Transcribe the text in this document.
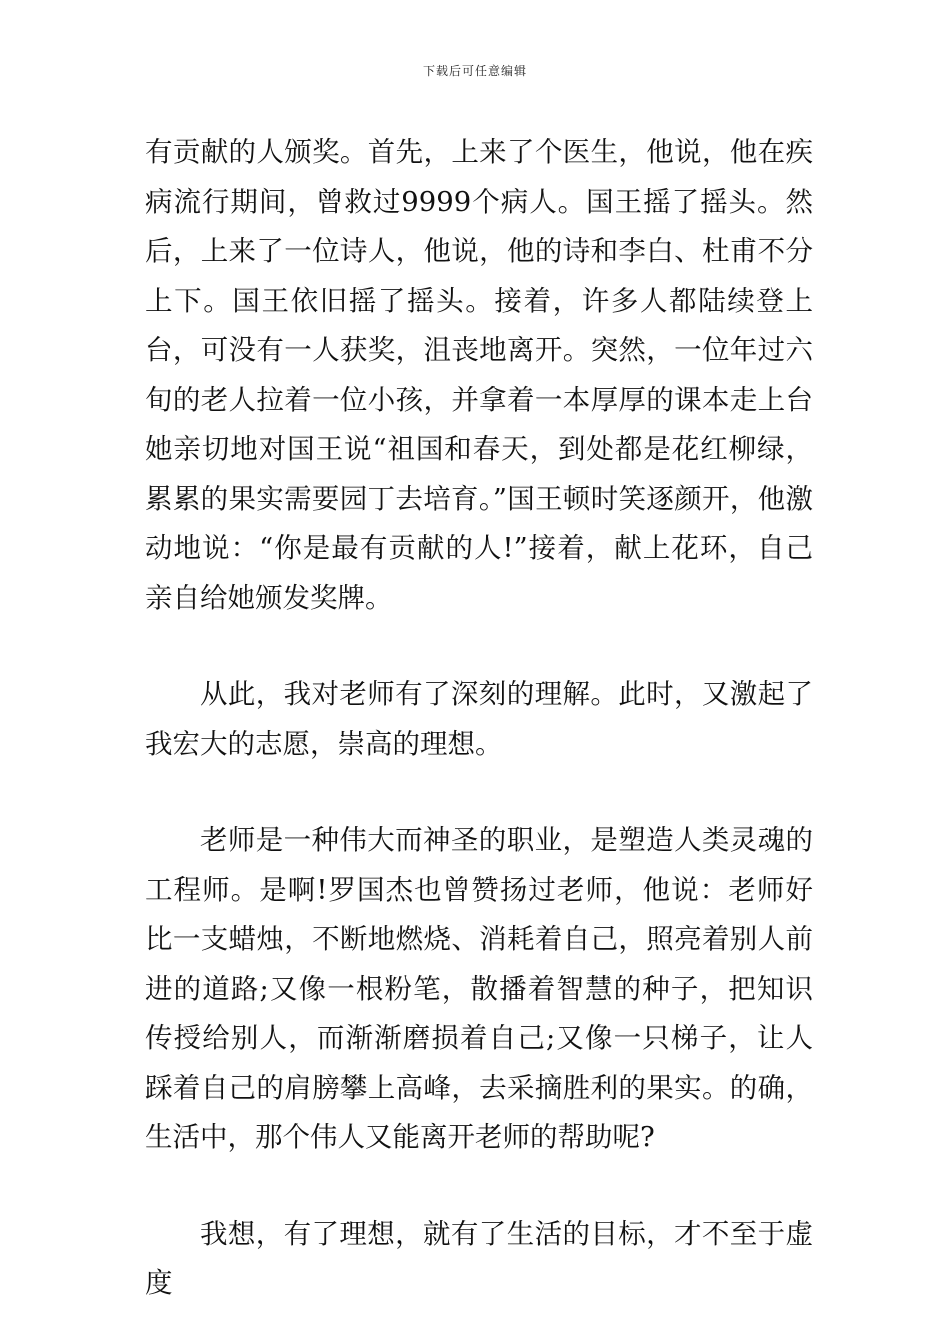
下载后可任意编辑

有贡献的人颁奖。首先，上来了个医生，他说，他在疾病流行期间，曾救过9999个病人。国王摇了摇头。然后，上来了一位诗人，他说，他的诗和李白、杜甫不分上下。国王依旧摇了摇头。接着，许多人都陆续登上台，可没有一人获奖，沮丧地离开。突然，一位年过六旬的老人拉着一位小孩，并拿着一本厚厚的课本走上台她亲切地对国王说“祖国和春天，到处都是花红柳绿，累累的果实需要园丁去培育。”国王顿时笑逐颜开，他激动地说：“你是最有贡献的人!”接着，献上花环，自己亲自给她颁发奖牌。

从此，我对老师有了深刻的理解。此时，又激起了我宏大的志愿，崇高的理想。

老师是一种伟大而神圣的职业，是塑造人类灵魂的工程师。是啊!罗国杰也曾赞扬过老师，他说：老师好比一支蜡烛，不断地燃烧、消耗着自己，照亮着别人前进的道路;又像一根粉笔，散播着智慧的种子，把知识传授给别人，而渐渐磨损着自己;又像一只梯子，让人踩着自己的肩膀攀上高峰，去采摘胜利的果实。的确，生活中，那个伟人又能离开老师的帮助呢?

我想，有了理想，就有了生活的目标，才不至于虚度
